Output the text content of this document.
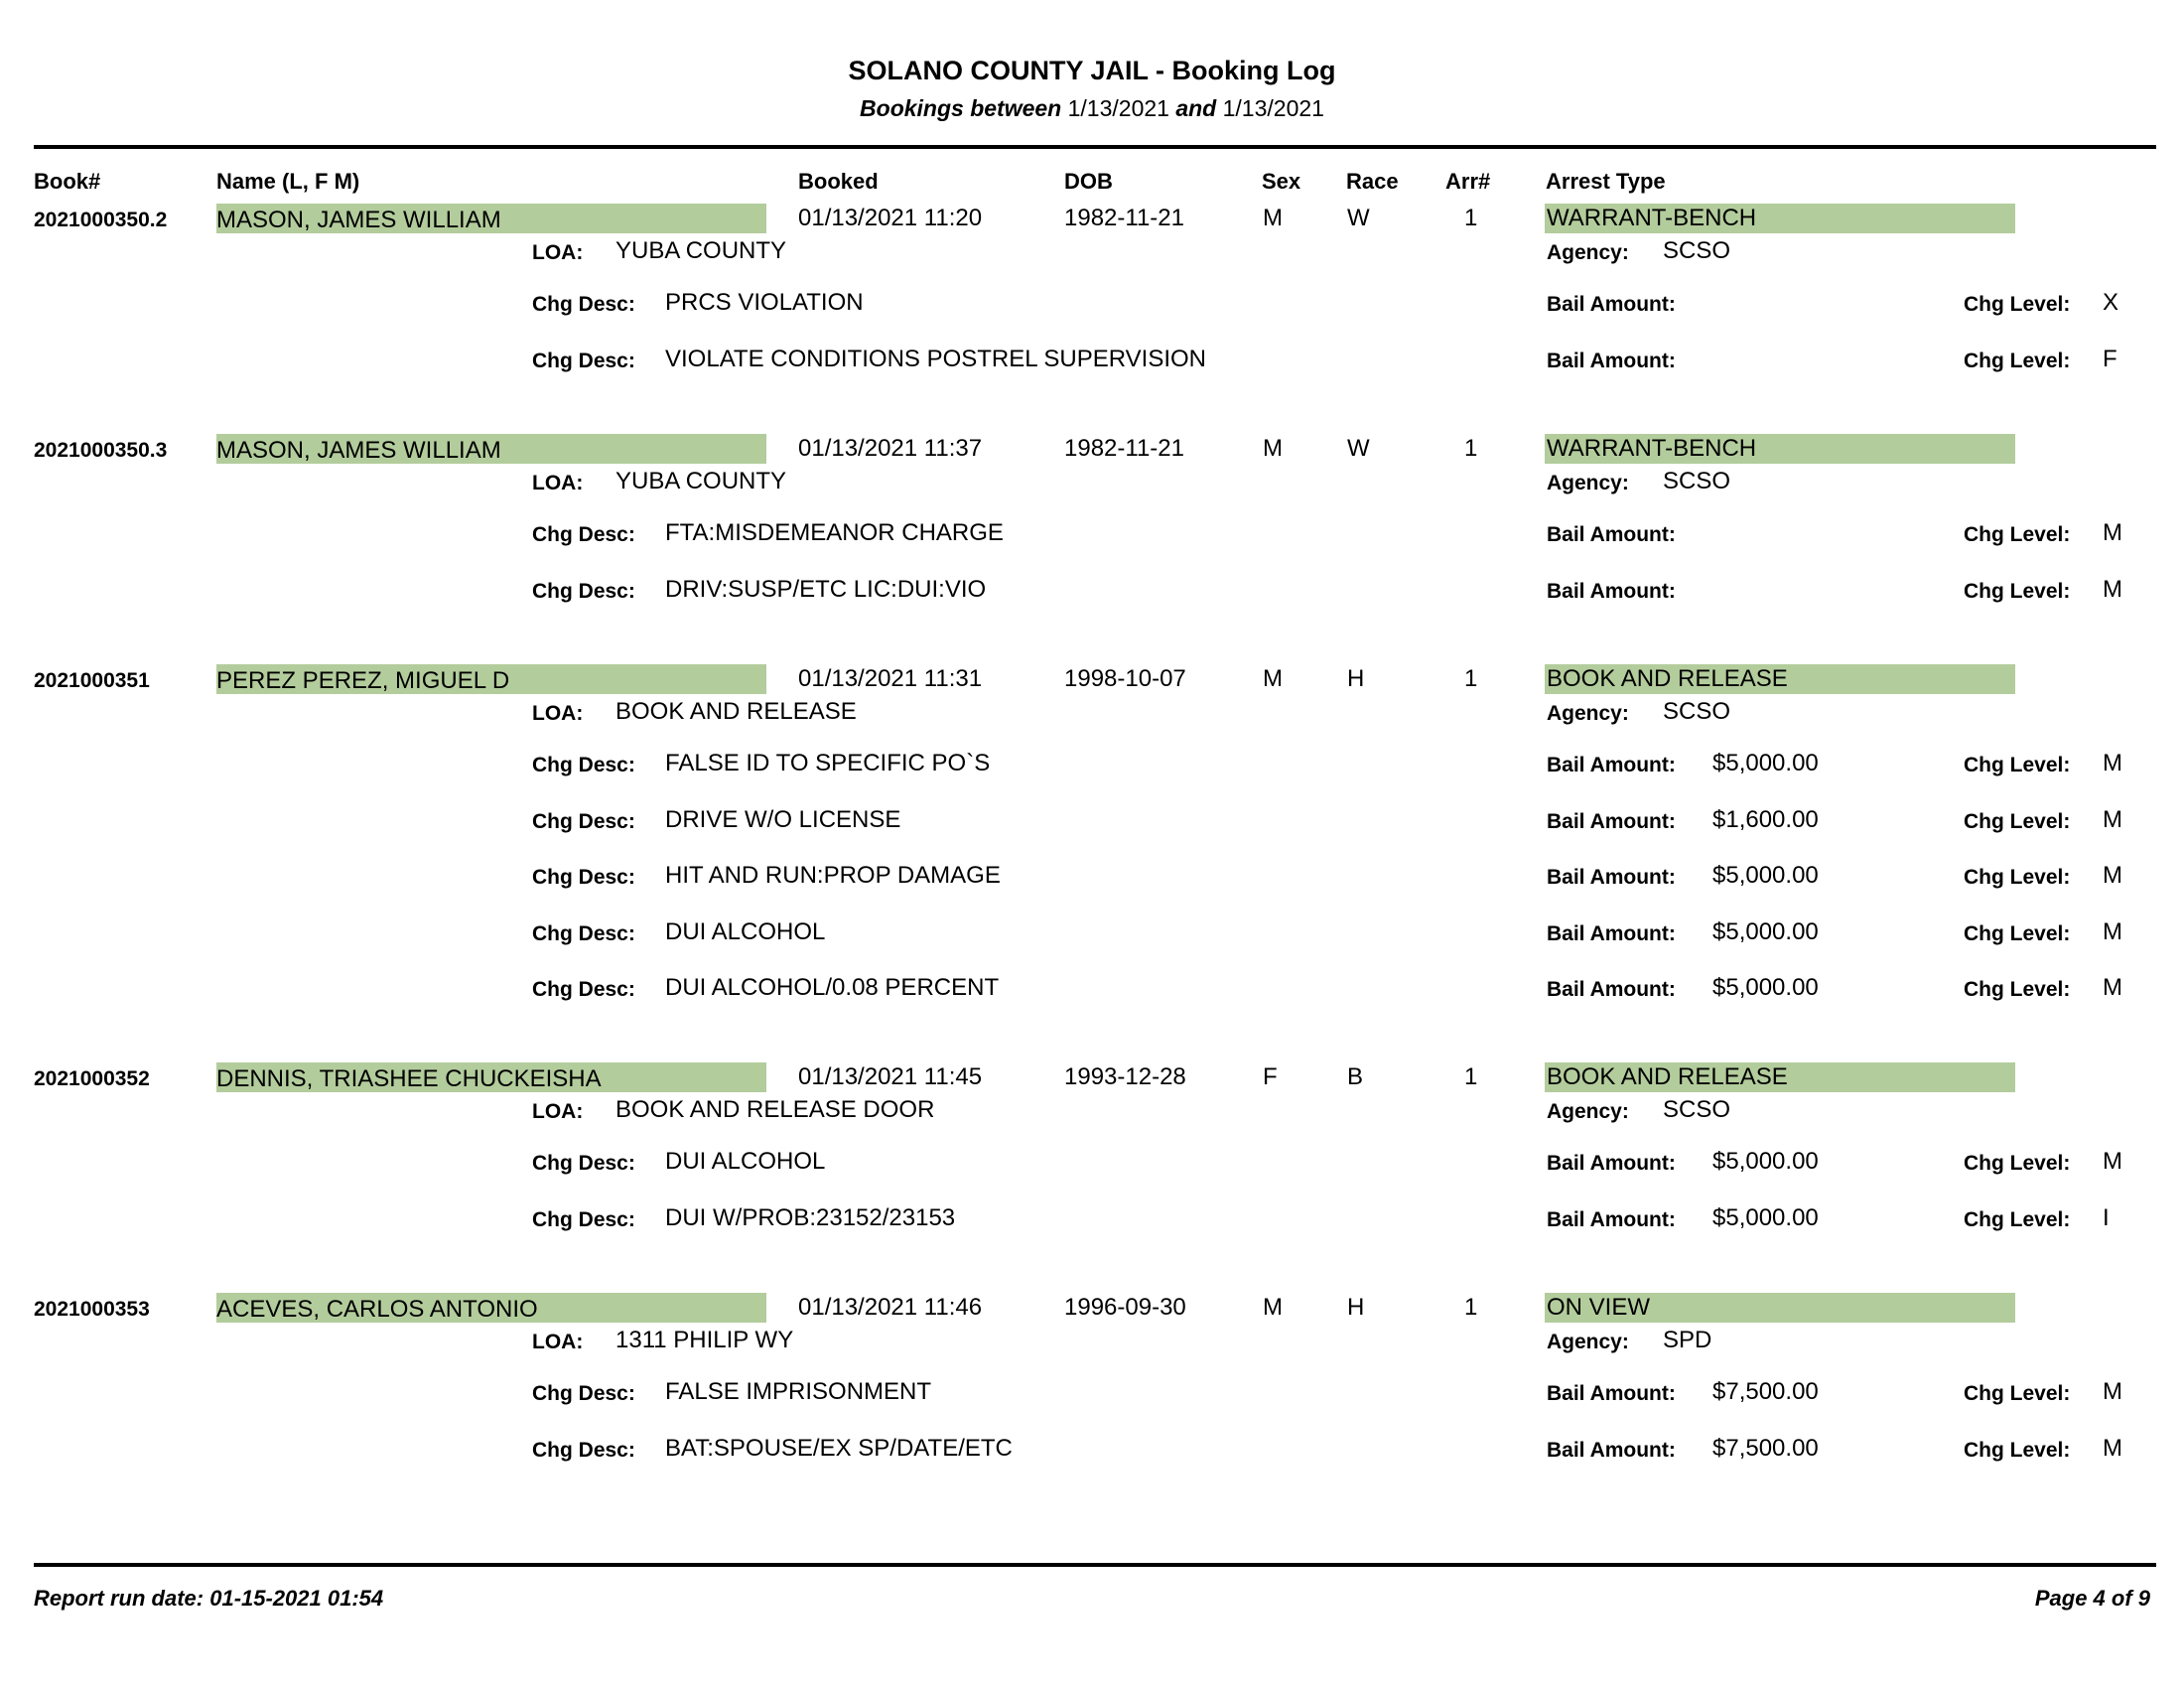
SOLANO COUNTY JAIL - Booking Log
Bookings between 1/13/2021 and 1/13/2021
Book#	Name (L, F M)	Booked	DOB	Sex Race Arr#	Arrest Type
2021000350.2 MASON, JAMES WILLIAM	01/13/2021 11:20	1982-11-21	M	W	1	WARRANT-BENCH
LOA: YUBA COUNTY	Agency: SCSO
Chg Desc: PRCS VIOLATION	Bail Amount:	Chg Level: X
Chg Desc: VIOLATE CONDITIONS POSTREL SUPERVISION	Bail Amount:	Chg Level: F
2021000350.3 MASON, JAMES WILLIAM	01/13/2021 11:37	1982-11-21	M	W	1	WARRANT-BENCH
LOA: YUBA COUNTY	Agency: SCSO
Chg Desc: FTA:MISDEMEANOR CHARGE	Bail Amount:	Chg Level: M
Chg Desc: DRIV:SUSP/ETC LIC:DUI:VIO	Bail Amount:	Chg Level: M
2021000351	PEREZ PEREZ, MIGUEL D	01/13/2021 11:31	1998-10-07	M	H	1	BOOK AND RELEASE
LOA: BOOK AND RELEASE	Agency: SCSO
Chg Desc: FALSE ID TO SPECIFIC PO`S	Bail Amount: $5,000.00	Chg Level: M
Chg Desc: DRIVE W/O LICENSE	Bail Amount: $1,600.00	Chg Level: M
Chg Desc: HIT AND RUN:PROP DAMAGE	Bail Amount: $5,000.00	Chg Level: M
Chg Desc: DUI ALCOHOL	Bail Amount: $5,000.00	Chg Level: M
Chg Desc: DUI ALCOHOL/0.08 PERCENT	Bail Amount: $5,000.00	Chg Level: M
2021000352	DENNIS, TRIASHEE CHUCKEISHA	01/13/2021 11:45	1993-12-28	F	B	1	BOOK AND RELEASE
LOA: BOOK AND RELEASE DOOR	Agency: SCSO
Chg Desc: DUI ALCOHOL	Bail Amount: $5,000.00	Chg Level: M
Chg Desc: DUI W/PROB:23152/23153	Bail Amount: $5,000.00	Chg Level: I
2021000353	ACEVES, CARLOS ANTONIO	01/13/2021 11:46	1996-09-30	M	H	1	ON VIEW
LOA: 1311 PHILIP WY	Agency: SPD
Chg Desc: FALSE IMPRISONMENT	Bail Amount: $7,500.00	Chg Level: M
Chg Desc: BAT:SPOUSE/EX SP/DATE/ETC	Bail Amount: $7,500.00	Chg Level: M
Report run date: 01-15-2021 01:54	Page 4 of 9
